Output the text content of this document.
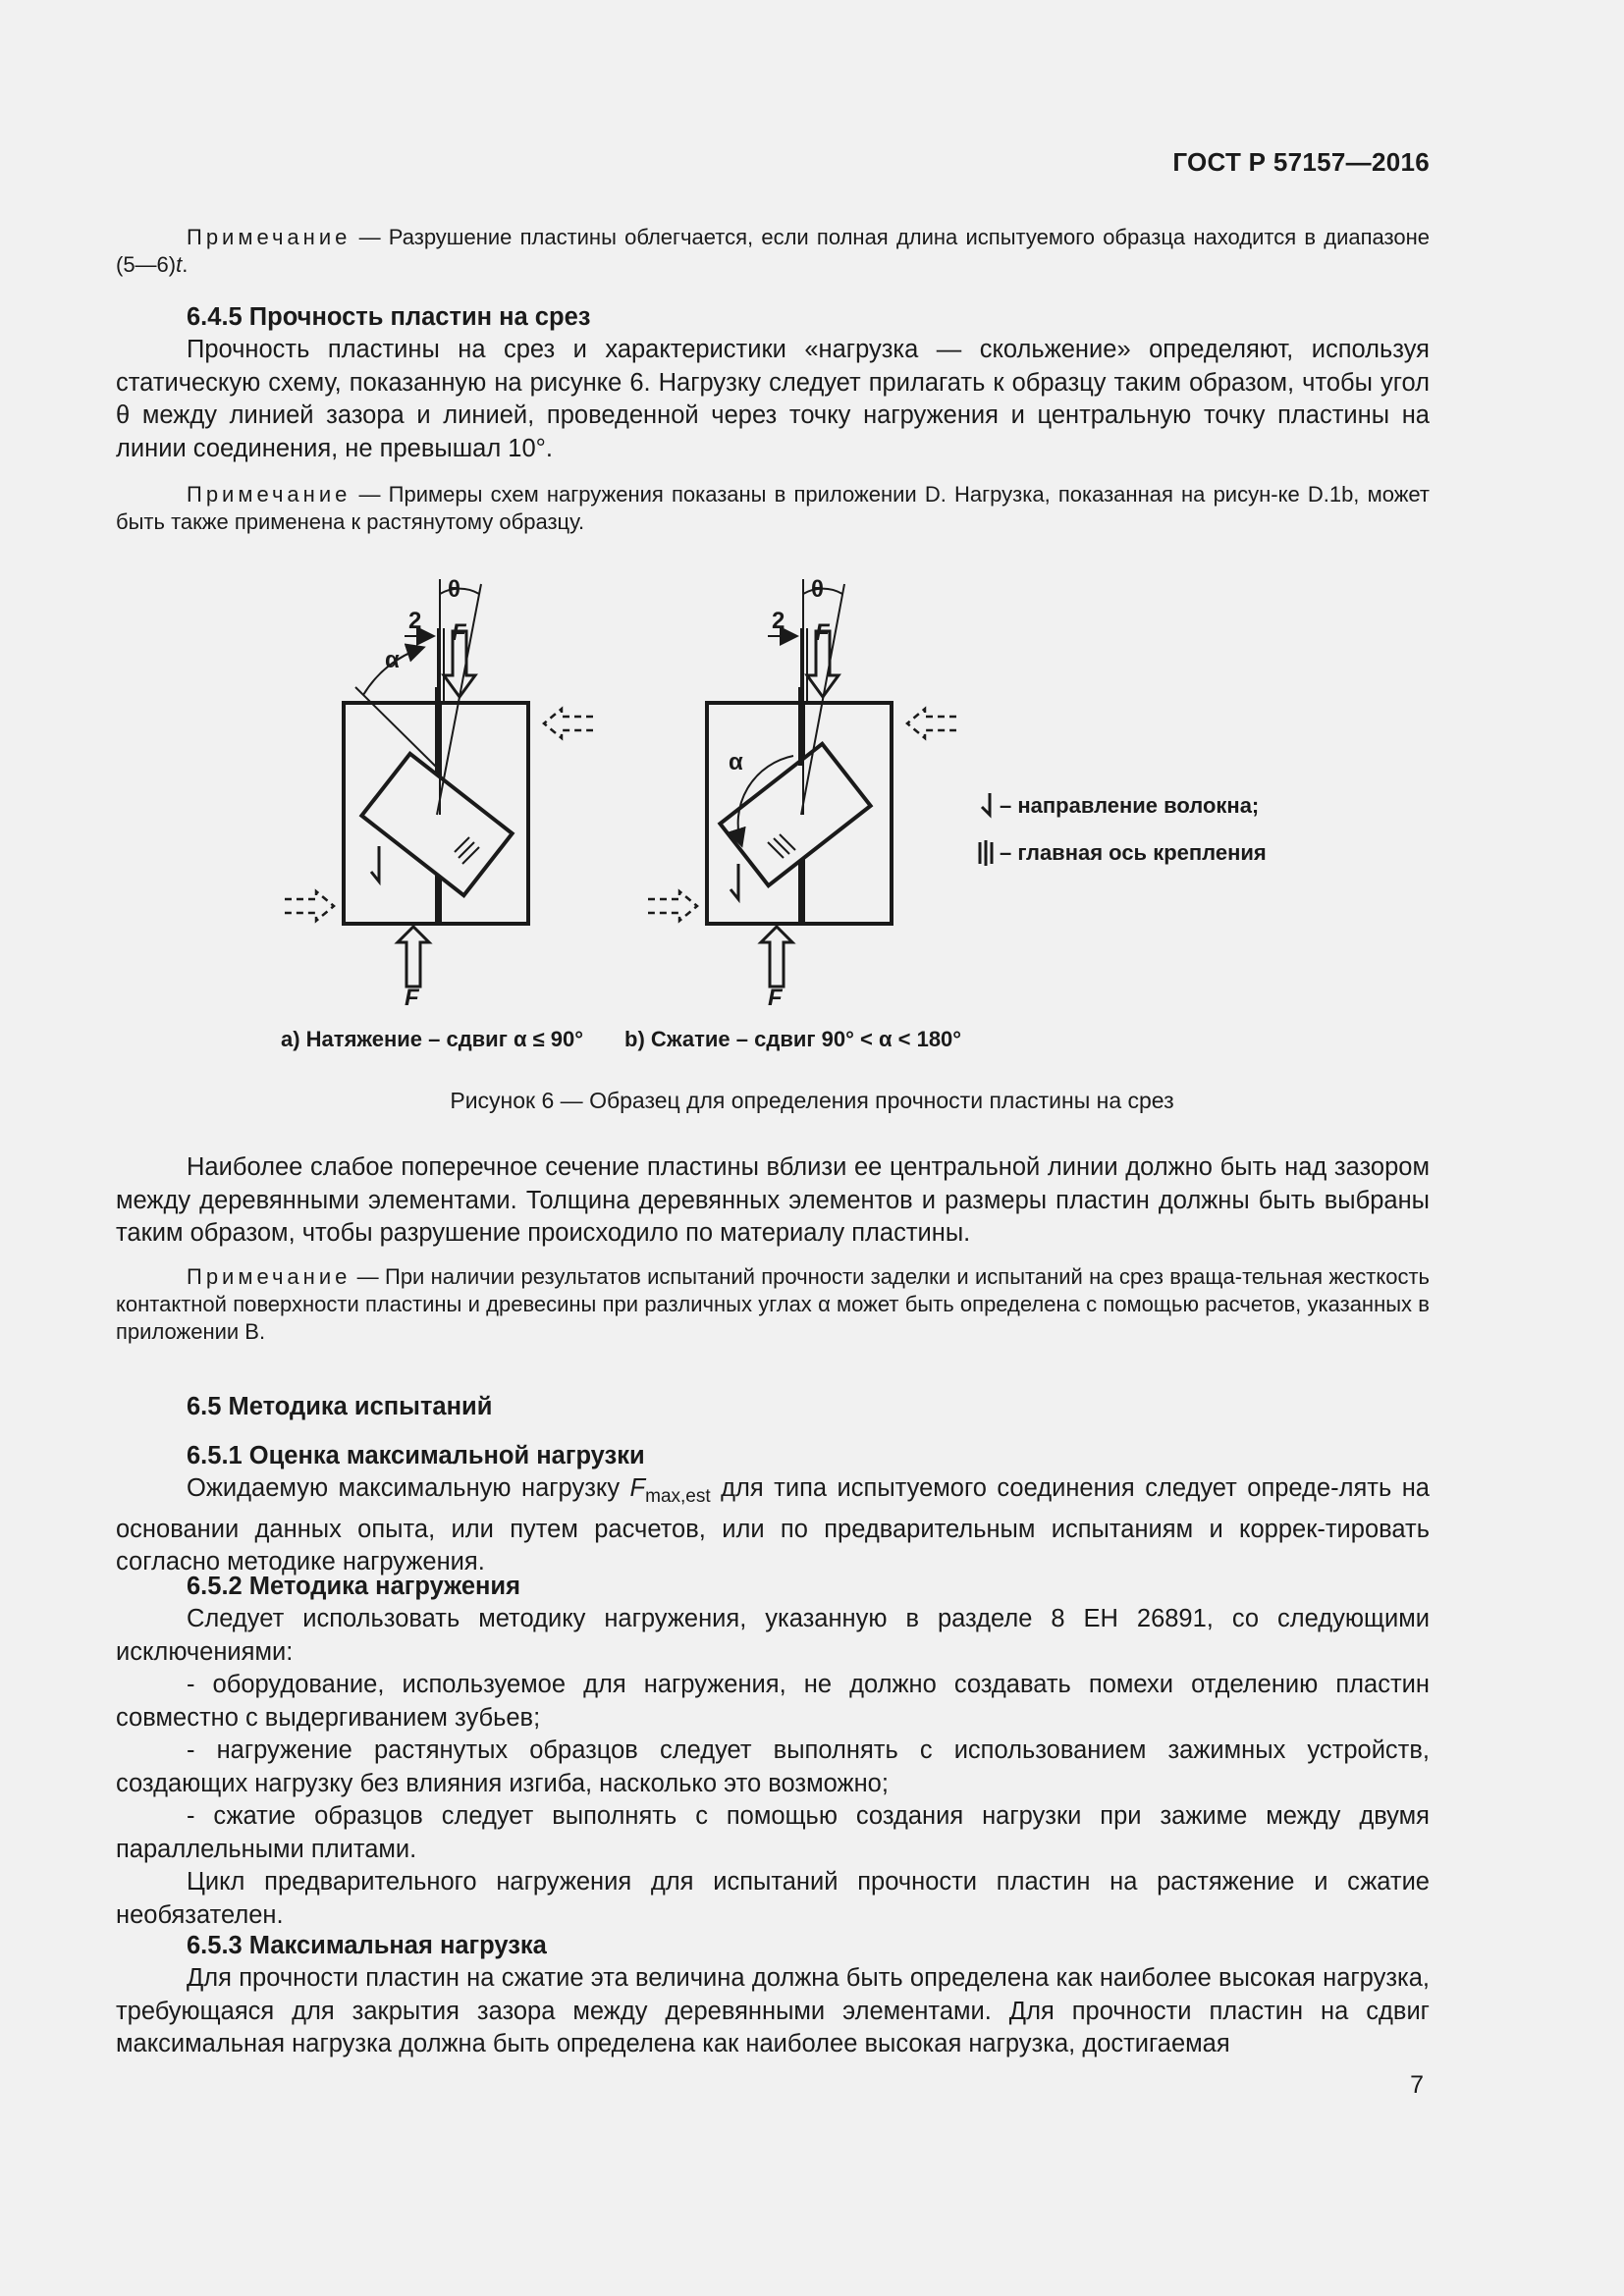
ГОСТ Р 57157—2016

Примечание — Разрушение пластины облегчается, если полная длина испытуемого образца находится в диапазоне (5—6)t.

6.4.5 Прочность пластин на срез

Прочность пластины на срез и характеристики «нагрузка — скольжение» определяют, используя статическую схему, показанную на рисунке 6. Нагрузку следует прилагать к образцу таким образом, чтобы угол θ между линией зазора и линией, проведенной через точку нагружения и центральную точку пластины на линии соединения, не превышал 10°.

Примечание — Примеры схем нагружения показаны в приложении D. Нагрузка, показанная на рисун-ке D.1b, может быть также применена к растянутому образцу.

θ
2 F
α
F
θ
2 F
α
F
– направление волокна;
– главная ось крепления
a) Натяжение – сдвиг α ≤ 90° b) Сжатие – сдвиг 90° < α < 180°
Рисунок 6 — Образец для определения прочности пластины на срез

Наиболее слабое поперечное сечение пластины вблизи ее центральной линии должно быть над зазором между деревянными элементами. Толщина деревянных элементов и размеры пластин должны быть выбраны таким образом, чтобы разрушение происходило по материалу пластины.

Примечание — При наличии результатов испытаний прочности заделки и испытаний на срез враща-тельная жесткость контактной поверхности пластины и древесины при различных углах α может быть определена с помощью расчетов, указанных в приложении В.

6.5 Методика испытаний

6.5.1 Оценка максимальной нагрузки

Ожидаемую максимальную нагрузку $F_{max,est}$ для типа испытуемого соединения следует опреде-лять на основании данных опыта, или путем расчетов, или по предварительным испытаниям и коррек-тировать согласно методике нагружения.

6.5.2 Методика нагружения

Следует использовать методику нагружения, указанную в разделе 8 ЕН 26891, со следующими исключениями:

- оборудование, используемое для нагружения, не должно создавать помехи отделению пластин совместно с выдергиванием зубьев;

- нагружение растянутых образцов следует выполнять с использованием зажимных устройств, создающих нагрузку без влияния изгиба, насколько это возможно;

- сжатие образцов следует выполнять с помощью создания нагрузки при зажиме между двумя параллельными плитами.

Цикл предварительного нагружения для испытаний прочности пластин на растяжение и сжатие необязателен.

6.5.3 Максимальная нагрузка

Для прочности пластин на сжатие эта величина должна быть определена как наиболее высокая нагрузка, требующаяся для закрытия зазора между деревянными элементами. Для прочности пластин на сдвиг максимальная нагрузка должна быть определена как наиболее высокая нагрузка, достигаемая

7
